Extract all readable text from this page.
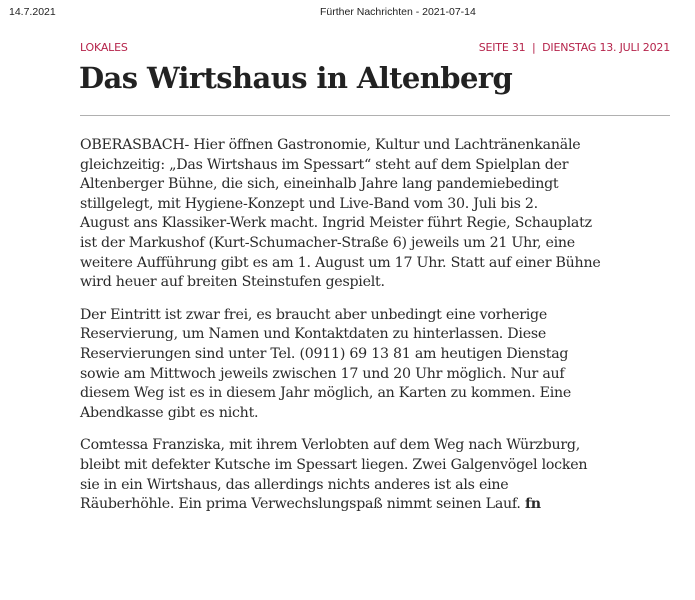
14.7.2021	Fürther Nachrichten - 2021-07-14
LOKALES	SEITE 31  |  DIENSTAG 13. JULI 2021
Das Wirtshaus in Altenberg

OBERASBACH- Hier öffnen Gastronomie, Kultur und Lachtränenkanäle
gleichzeitig: „Das Wirtshaus im Spessart“ steht auf dem Spielplan der
Altenberger Bühne, die sich, eineinhalb Jahre lang pandemiebedingt
stillgelegt, mit Hygiene-Konzept und Live-Band vom 30. Juli bis 2.
August ans Klassiker-Werk macht. Ingrid Meister führt Regie, Schauplatz
ist der Markushof (Kurt-Schumacher-Straße 6) jeweils um 21 Uhr, eine
weitere Aufführung gibt es am 1. August um 17 Uhr. Statt auf einer Bühne
wird heuer auf breiten Steinstufen gespielt.

Der Eintritt ist zwar frei, es braucht aber unbedingt eine vorherige
Reservierung, um Namen und Kontaktdaten zu hinterlassen. Diese
Reservierungen sind unter Tel. (0911) 69 13 81 am heutigen Dienstag
sowie am Mittwoch jeweils zwischen 17 und 20 Uhr möglich. Nur auf
diesem Weg ist es in diesem Jahr möglich, an Karten zu kommen. Eine
Abendkasse gibt es nicht.

Comtessa Franziska, mit ihrem Verlobten auf dem Weg nach Würzburg,
bleibt mit defekter Kutsche im Spessart liegen. Zwei Galgenvögel locken
sie in ein Wirtshaus, das allerdings nichts anderes ist als eine
Räuberhöhle. Ein prima Verwechslungspaß nimmt seinen Lauf. fn
